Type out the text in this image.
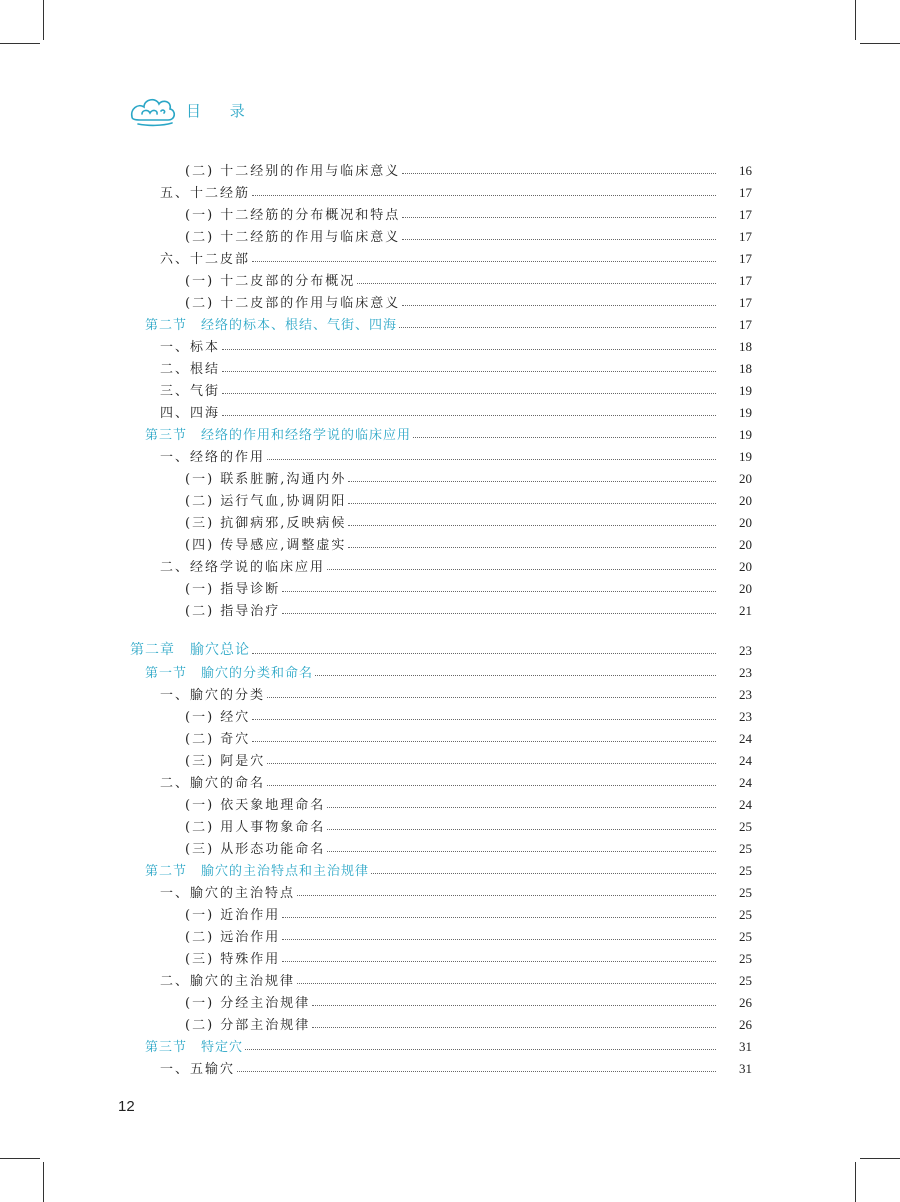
目 录
(二) 十二经别的作用与临床意义	16
五、十二经筋	17
(一) 十二经筋的分布概况和特点	17
(二) 十二经筋的作用与临床意义	17
六、十二皮部	17
(一) 十二皮部的分布概况	17
(二) 十二皮部的作用与临床意义	17
第二节　经络的标本、根结、气街、四海	17
一、标本	18
二、根结	18
三、气街	19
四、四海	19
第三节　经络的作用和经络学说的临床应用	19
一、经络的作用	19
(一) 联系脏腑,沟通内外	20
(二) 运行气血,协调阴阳	20
(三) 抗御病邪,反映病候	20
(四) 传导感应,调整虚实	20
二、经络学说的临床应用	20
(一) 指导诊断	20
(二) 指导治疗	21
第二章　腧穴总论	23
第一节　腧穴的分类和命名	23
一、腧穴的分类	23
(一) 经穴	23
(二) 奇穴	24
(三) 阿是穴	24
二、腧穴的命名	24
(一) 依天象地理命名	24
(二) 用人事物象命名	25
(三) 从形态功能命名	25
第二节　腧穴的主治特点和主治规律	25
一、腧穴的主治特点	25
(一) 近治作用	25
(二) 远治作用	25
(三) 特殊作用	25
二、腧穴的主治规律	25
(一) 分经主治规律	26
(二) 分部主治规律	26
第三节　特定穴	31
一、五输穴	31
12
